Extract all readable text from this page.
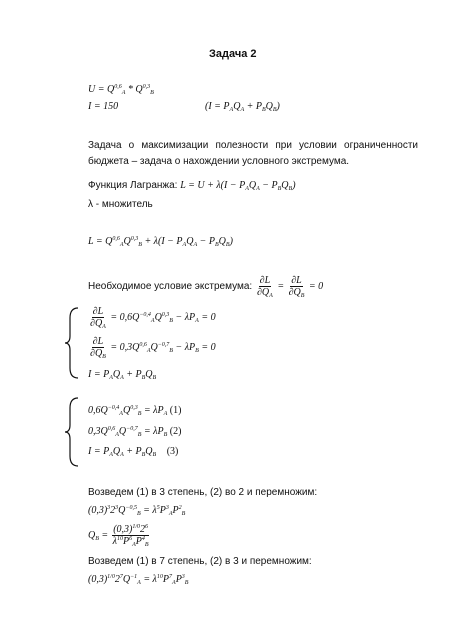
Задача 2
U = Q$^{0,6}_A$ * Q$^{0,3}_B$
I = 150	$(I = P_AQ_A + P_BQ_B)$
Задача о максимизации полезности при условии ограниченности бюджета – задача о нахождении условного экстремума.
Функция Лагранжа: $L = U + \lambda(I - P_AQ_A - P_BQ_B)$
λ - множитель
$L = Q^{0,6}_AQ^{0,3}_B + \lambda(I - P_AQ_A - P_BQ_B)$
Необходимое условие экстремума: $\frac{\partial L}{\partial Q_A} = \frac{\partial L}{\partial Q_B} = 0$
$\frac{\partial L}{\partial Q_A} = 0,6Q^{-0,4}_AQ^{0,3}_B - \lambda P_A = 0$
$\frac{\partial L}{\partial Q_B} = 0,3Q^{0,6}_AQ^{-0,7}_B - \lambda P_B = 0$
$I = P_AQ_A + P_BQ_B$
$0,6Q^{-0,4}_AQ^{0,3}_B = \lambda P_A$ (1)
$0,3Q^{0,6}_AQ^{-0,7}_B = \lambda P_B$ (2)
$I = P_AQ_A + P_BQ_B$ (3)
Возведем (1) в 3 степень, (2) во 2 и перемножим:
$(0,3)^32^3Q^{-0,5}_B = \lambda^5P^3_AP^2_B$
$Q_B = \frac{(0,3)^{1/0}2^6}{\lambda^{10}P^6_AP^4_B}$
Возведем (1) в 7 степень, (2) в 3 и перемножим:
$(0,3)^{1/0}2^7Q^{-1}_A = \lambda^{10}P^7_AP^3_B$
